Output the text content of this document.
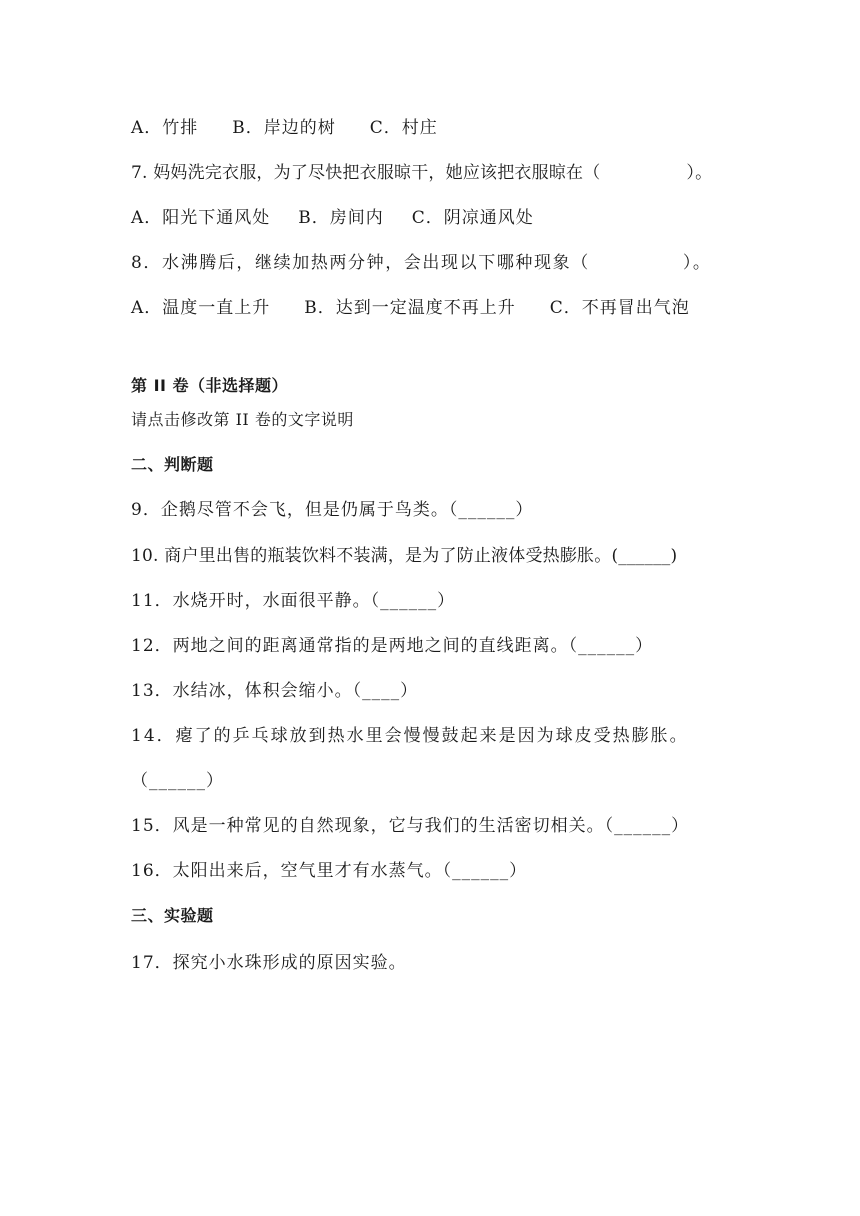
A．竹排 B．岸边的树 C．村庄
7. 妈妈洗完衣服，为了尽快把衣服晾干，她应该把衣服晾在（　　　　　）。
A．阳光下通风处 B．房间内 C．阴凉通风处
8．水沸腾后，继续加热两分钟，会出现以下哪种现象（　　　　　）。
A．温度一直上升 B．达到一定温度不再上升 C．不再冒出气泡
第 II 卷（非选择题）
请点击修改第 II 卷的文字说明
二、判断题
9．企鹅尽管不会飞，但是仍属于鸟类。（______）
10. 商户里出售的瓶装饮料不装满，是为了防止液体受热膨胀。(______)
11．水烧开时，水面很平静。（______）
12．两地之间的距离通常指的是两地之间的直线距离。（______）
13．水结冰，体积会缩小。（____）
14．瘪了的乒乓球放到热水里会慢慢鼓起来是因为球皮受热膨胀。
（______）
15．风是一种常见的自然现象，它与我们的生活密切相关。（______）
16．太阳出来后，空气里才有水蒸气。（______）
三、实验题
17．探究小水珠形成的原因实验。
